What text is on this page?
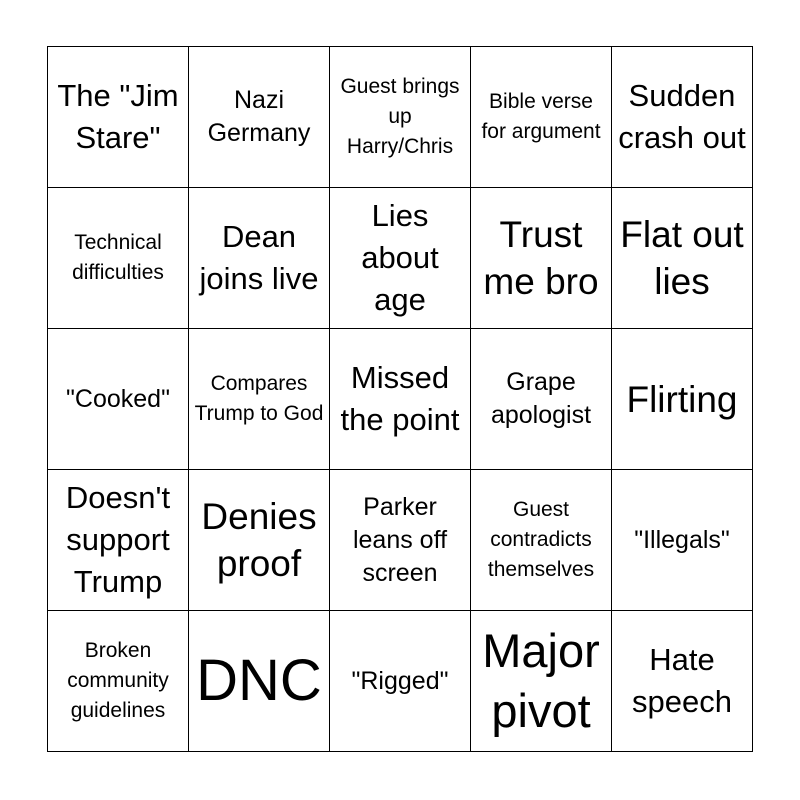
The "Jim Stare"
Nazi Germany
Guest brings up Harry/Chris
Bible verse for argument
Sudden crash out
Technical difficulties
Dean joins live
Lies about age
Trust me bro
Flat out lies
"Cooked"
Compares Trump to God
Missed the point
Grape apologist Flirting
Doesn't support Trump
Denies proof
Parker leans off screen
Guest contradicts themselves
"Illegals"
Broken community guidelines DNC	"Rigged"
Major pivot
Hate speech
